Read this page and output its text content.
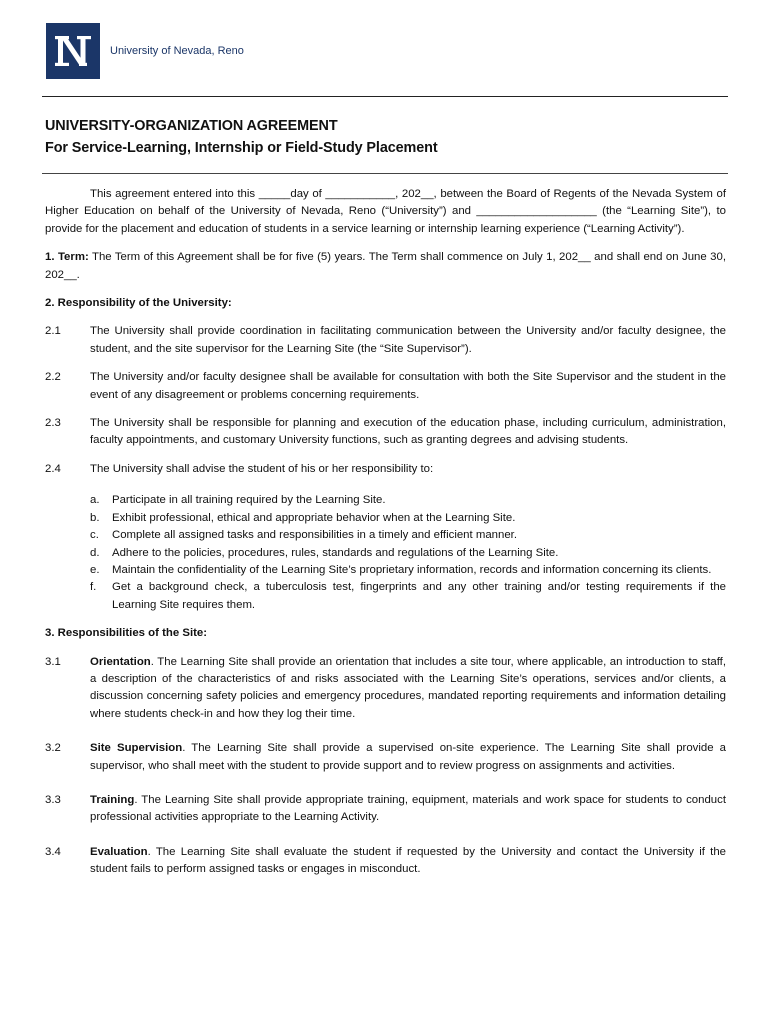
University of Nevada, Reno
UNIVERSITY-ORGANIZATION AGREEMENT
For Service-Learning, Internship or Field-Study Placement

This agreement entered into this _____day of ___________, 202__, between the Board of Regents of the Nevada System of Higher Education on behalf of the University of Nevada, Reno (“University”) and ___________________ (the “Learning Site”), to provide for the placement and education of students in a service learning or internship learning experience (“Learning Activity”).

1. Term: The Term of this Agreement shall be for five (5) years. The Term shall commence on July 1, 202__ and shall end on June 30, 202__.

2. Responsibility of the University:
2.1	The University shall provide coordination in facilitating communication between the University and/or faculty designee, the student, and the site supervisor for the Learning Site (the “Site Supervisor”).
2.2	The University and/or faculty designee shall be available for consultation with both the Site Supervisor and the student in the event of any disagreement or problems concerning requirements.
2.3	The University shall be responsible for planning and execution of the education phase, including curriculum, administration, faculty appointments, and customary University functions, such as granting degrees and advising students.
2.4	The University shall advise the student of his or her responsibility to:
a.	Participate in all training required by the Learning Site.
b.	Exhibit professional, ethical and appropriate behavior when at the Learning Site.
c.	Complete all assigned tasks and responsibilities in a timely and efficient manner.
d.	Adhere to the policies, procedures, rules, standards and regulations of the Learning Site.
e.	Maintain the confidentiality of the Learning Site’s proprietary information, records and information concerning its clients.
f.	Get a background check, a tuberculosis test, fingerprints and any other training and/or testing requirements if the Learning Site requires them.
3. Responsibilities of the Site:
3.1	Orientation. The Learning Site shall provide an orientation that includes a site tour, where applicable, an introduction to staff, a description of the characteristics of and risks associated with the Learning Site’s operations, services and/or clients, a discussion concerning safety policies and emergency procedures, mandated reporting requirements and information detailing where students check-in and how they log their time.
3.2	Site Supervision. The Learning Site shall provide a supervised on-site experience. The Learning Site shall provide a supervisor, who shall meet with the student to provide support and to review progress on assignments and activities.
3.3	Training. The Learning Site shall provide appropriate training, equipment, materials and work space for students to conduct professional activities appropriate to the Learning Activity.
3.4	Evaluation. The Learning Site shall evaluate the student if requested by the University and contact the University if the student fails to perform assigned tasks or engages in misconduct.
